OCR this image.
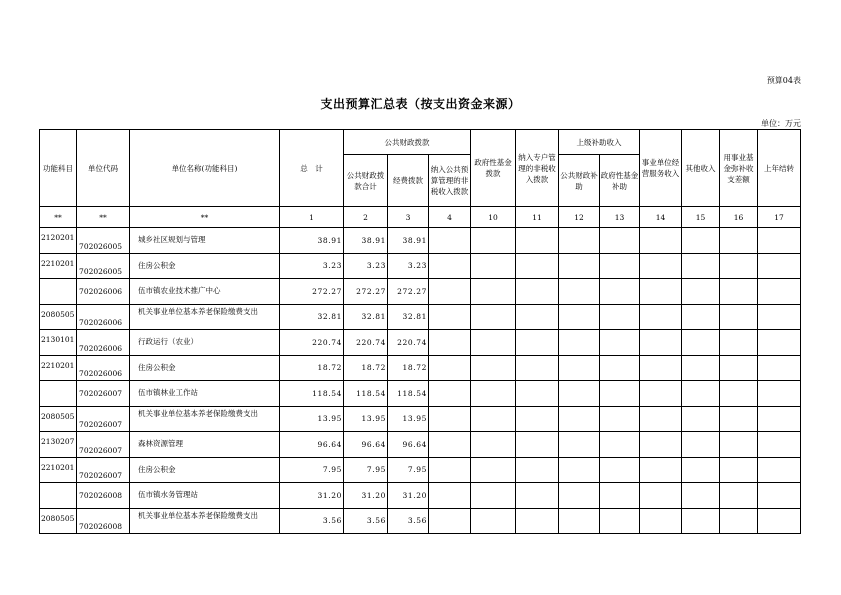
预算04表
支出预算汇总表（按支出资金来源）
单位：万元
功能科目	单位代码	单位名称(功能科目)	总　计	公共财政拨款			政府性基金拨款	纳入专户管理的非税收入拨款	上级补助收入		事业单位经营服务收入	其他收入	用事业基金弥补收支差额	上年结转
				公共财政拨款合计	经费拨款	纳入公共预算管理的非税收入拨款			公共财政补助	政府性基金补助				
**	**	**	1	2	3	4	10	11	12	13	14	15	16	17
2120201	702026005	城乡社区规划与管理	38.91	38.91	38.91									
2210201	702026005	住房公积金	3.23	3.23	3.23									
	702026006	伍市镇农业技术推广中心	272.27	272.27	272.27									
2080505	702026006	机关事业单位基本养老保险缴费支出	32.81	32.81	32.81									
2130101	702026006	行政运行（农业）	220.74	220.74	220.74									
2210201	702026006	住房公积金	18.72	18.72	18.72									
	702026007	伍市镇林业工作站	118.54	118.54	118.54									
2080505	702026007	机关事业单位基本养老保险缴费支出	13.95	13.95	13.95									
2130207	702026007	森林资源管理	96.64	96.64	96.64									
2210201	702026007	住房公积金	7.95	7.95	7.95									
	702026008	伍市镇水务管理站	31.20	31.20	31.20									
2080505	702026008	机关事业单位基本养老保险缴费支出	3.56	3.56	3.56									
